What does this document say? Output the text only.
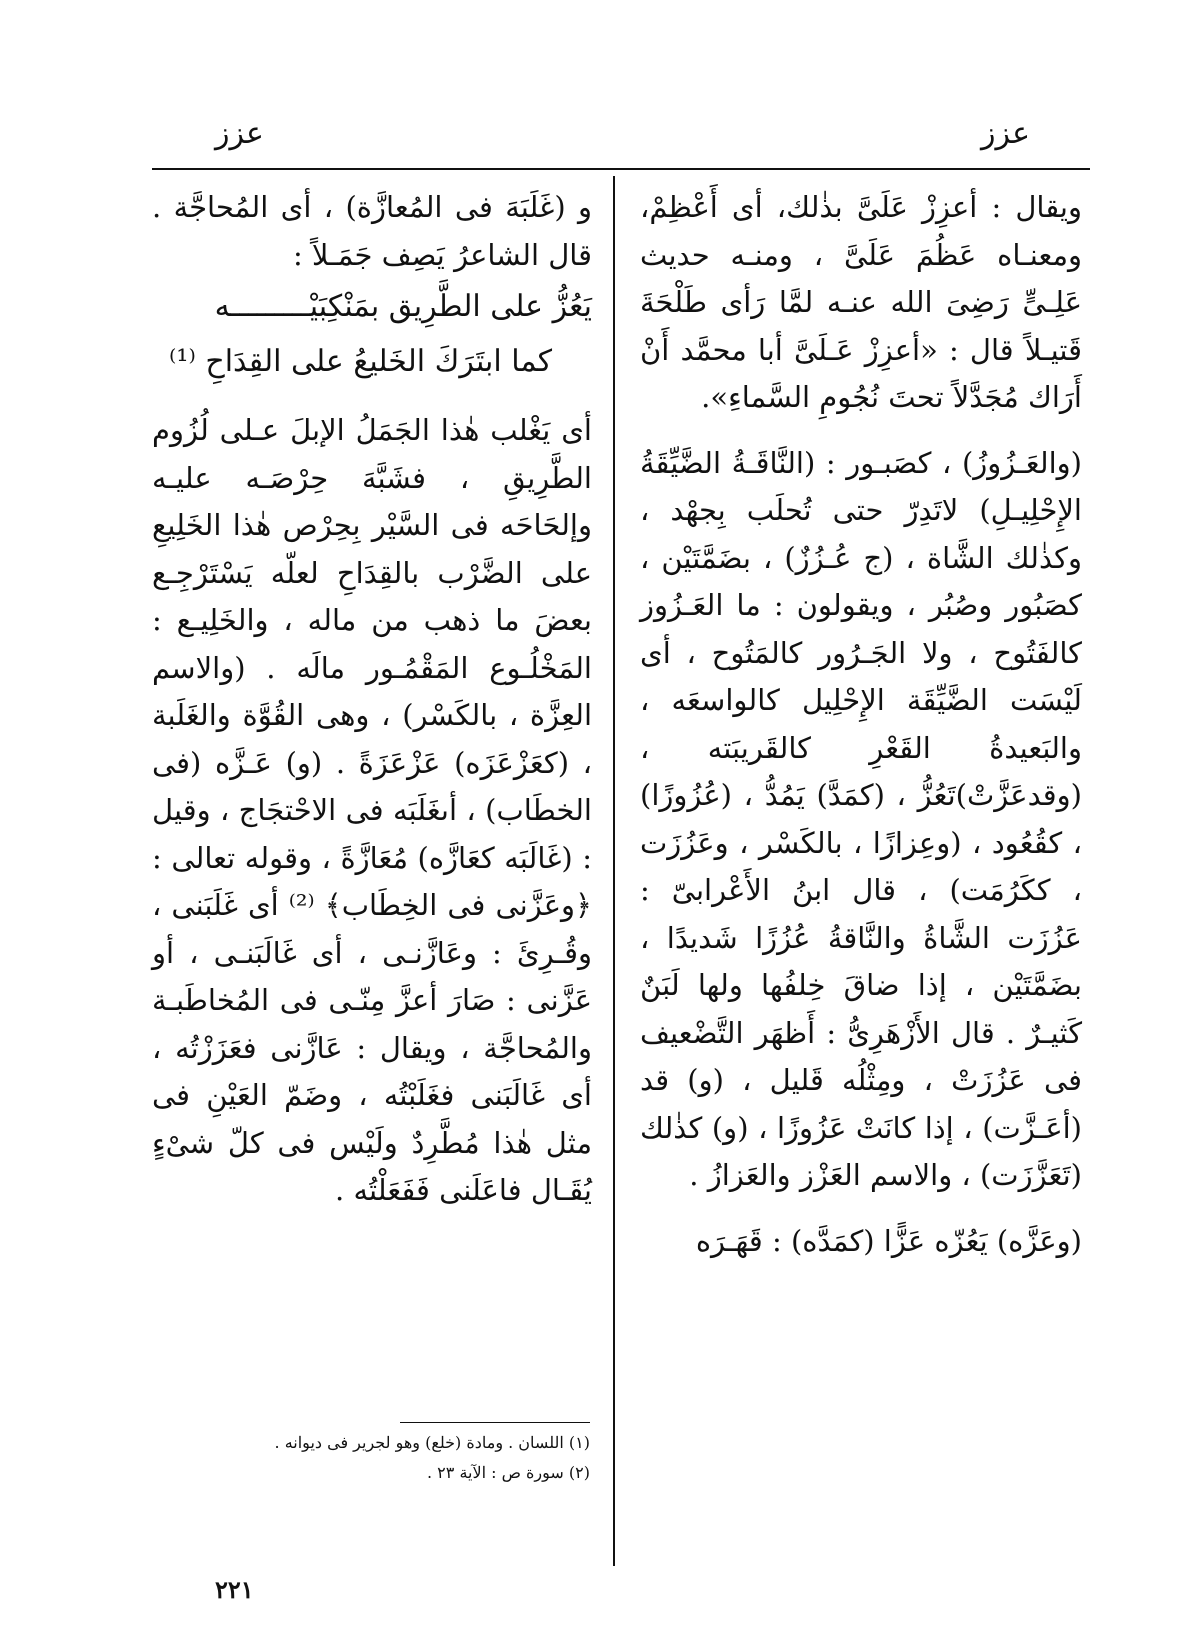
عزز
عزز

ويقال : أعزِزْ عَلَىَّ بذٰلك، أى أَعْظِمْ، ومعنـاه عَظُمَ عَلَىَّ ، ومنـه حديث عَلِـىٍّ رَضِىَ الله عنـه لمَّا رَأى طَلْحَةَ قَتيـلاً قال : «أعزِزْ عَـلَىَّ أبا محمَّد أَنْ أَرَاك مُجَدَّلاً تحتَ نُجُومِ السَّماءِ».

(والعَـزُوزُ) ، كصَبـور : (النَّاقَـةُ الضَّيِّقَةُ الإِحْلِيـلِ) لاتَدِرّ حتى تُحلَب بِجهْد ، وكذٰلك الشَّاة ، (ج عُـزُزٌ) ، بضَمَّتَيْن ، كصَبُور وصُبُر ، ويقولون : ما العَـزُوز كالفَتُوح ، ولا الجَـرُور كالمَتُوح ، أى لَيْسَت الضَّيِّقَة الإِحْلِيل كالواسعَه ، والبَعيدةُ القَعْرِ كالقَريبَته ، (وقدعَزَّتْ)تَعُزُّ ، (كمَدَّ) يَمُدُّ ، (عُزُوزًا) ، كقُعُود ، (وعِزازًا ، بالكَسْر ، وعَزُزَت ، ككَرُمَت) ، قال ابنُ الأَعْرابىّ : عَزُزَت الشَّاةُ والنَّاقةُ عُزُزًا شَديدًا ، بضَمَّتَيْن ، إذا ضاقَ خِلفُها ولها لَبَنٌ كَثيـرٌ . قال الأَزْهَرِىُّ : أَظهَر التَّضْعيف فى عَزُزَتْ ، ومِثْلُه قَليل ، (و) قد (أعَـزَّت) ، إذا كانَتْ عَزُوزًا ، (و) كذٰلك (تَعَزَّزَت) ، والاسم العَزْز والعَزازُ .

(وعَزَّه) يَعُزّه عَزًّا (كمَدَّه) : قَهَـرَه

و (غَلَبَهَ فى المُعازَّة) ، أى المُحاجَّة . قال الشاعرُ يَصِف جَمَـلاً :

يَعُزُّ على الطَّرِيق بمَنْكِبَيْـــــــــه

كما ابتَرَكَ الخَليعُ على القِدَاحِ ⁽¹⁾

أى يَغْلب هٰذا الجَمَلُ الإبلَ عـلى لُزُوم الطَّرِيقِ ، فشَبَّهَ حِرْصَـه عليـه وإلحَاحَه فى السَّيْر بِحِرْص هٰذا الخَلِيعِ على الضَّرْب بالقِدَاحِ لعلّه يَسْتَرْجِـع بعضَ ما ذهب من ماله ، والخَلِيـع : المَخْلُـوع المَقْمُـور مالَه . (والاسم العِزَّة ، بالكَسْر) ، وهى القُوَّة والغَلَبة ، (كعَزْعَزَه) عَزْعَزَةً . (و) عَـزَّه (فى الخطَاب) ، أىغَلَبَه فى الاحْتجَاج ، وقيل : (غَالَبَه كعَازَّه) مُعَازَّةً ، وقوله تعالى : ﴿وعَزَّنى فى الخِطَاب﴾ ⁽²⁾ أى غَلَبَنى ، وقُـرِئَ : وعَازَّنـى ، أى غَالَبَنـى ، أو عَزَّنى : صَارَ أعزَّ مِنّـى فى المُخاطَبـة والمُحاجَّة ، ويقال : عَازَّنى فعَزَزْتُه ، أى غَالَبَنى فغَلَبْتُه ، وضَمّ العَيْنِ فى مثل هٰذا مُطَّرِدٌ ولَيْس فى كلّ شىْءٍ يُقَـال فاعَلَنى فَفَعَلْتُه .

(١) اللسان . ومادة (خلع) وهو لجرير فى ديوانه .

(٢) سورة ص : الآية ٢٣ .

٢٢١
